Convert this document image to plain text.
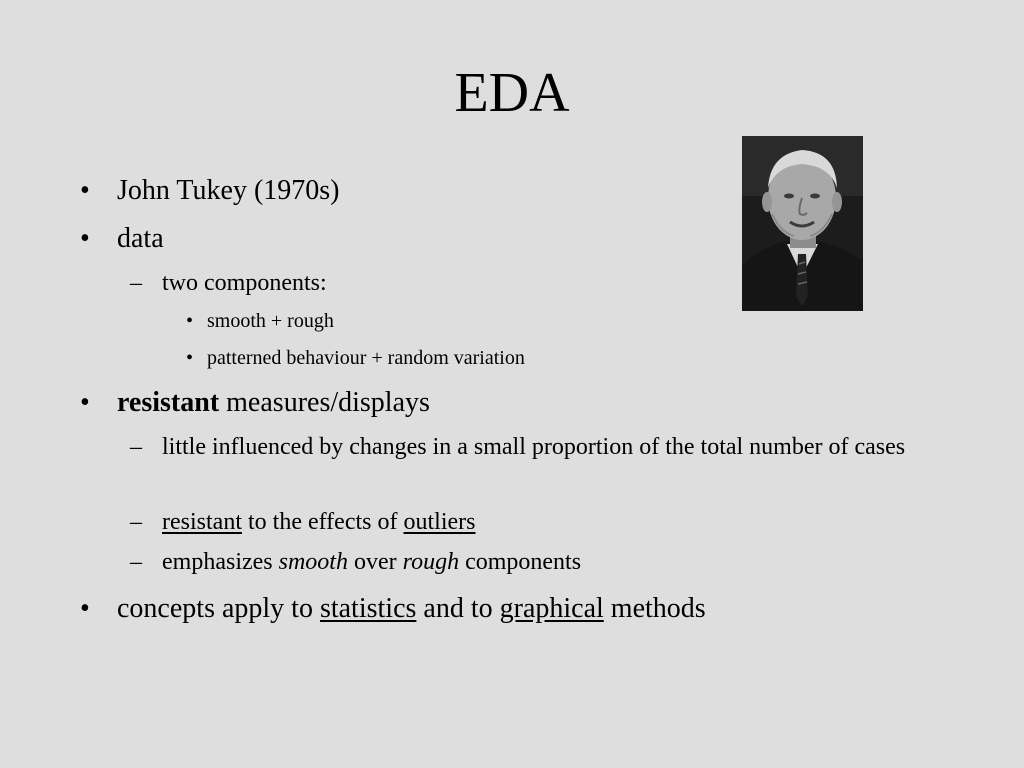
EDA
• John Tukey (1970s)
• data
– two components:
• smooth + rough
• patterned behaviour + random variation
• resistant measures/displays
– little influenced by changes in a small proportion of the total number of cases
– resistant to the effects of outliers
– emphasizes smooth over rough components
• concepts apply to statistics and to graphical methods
